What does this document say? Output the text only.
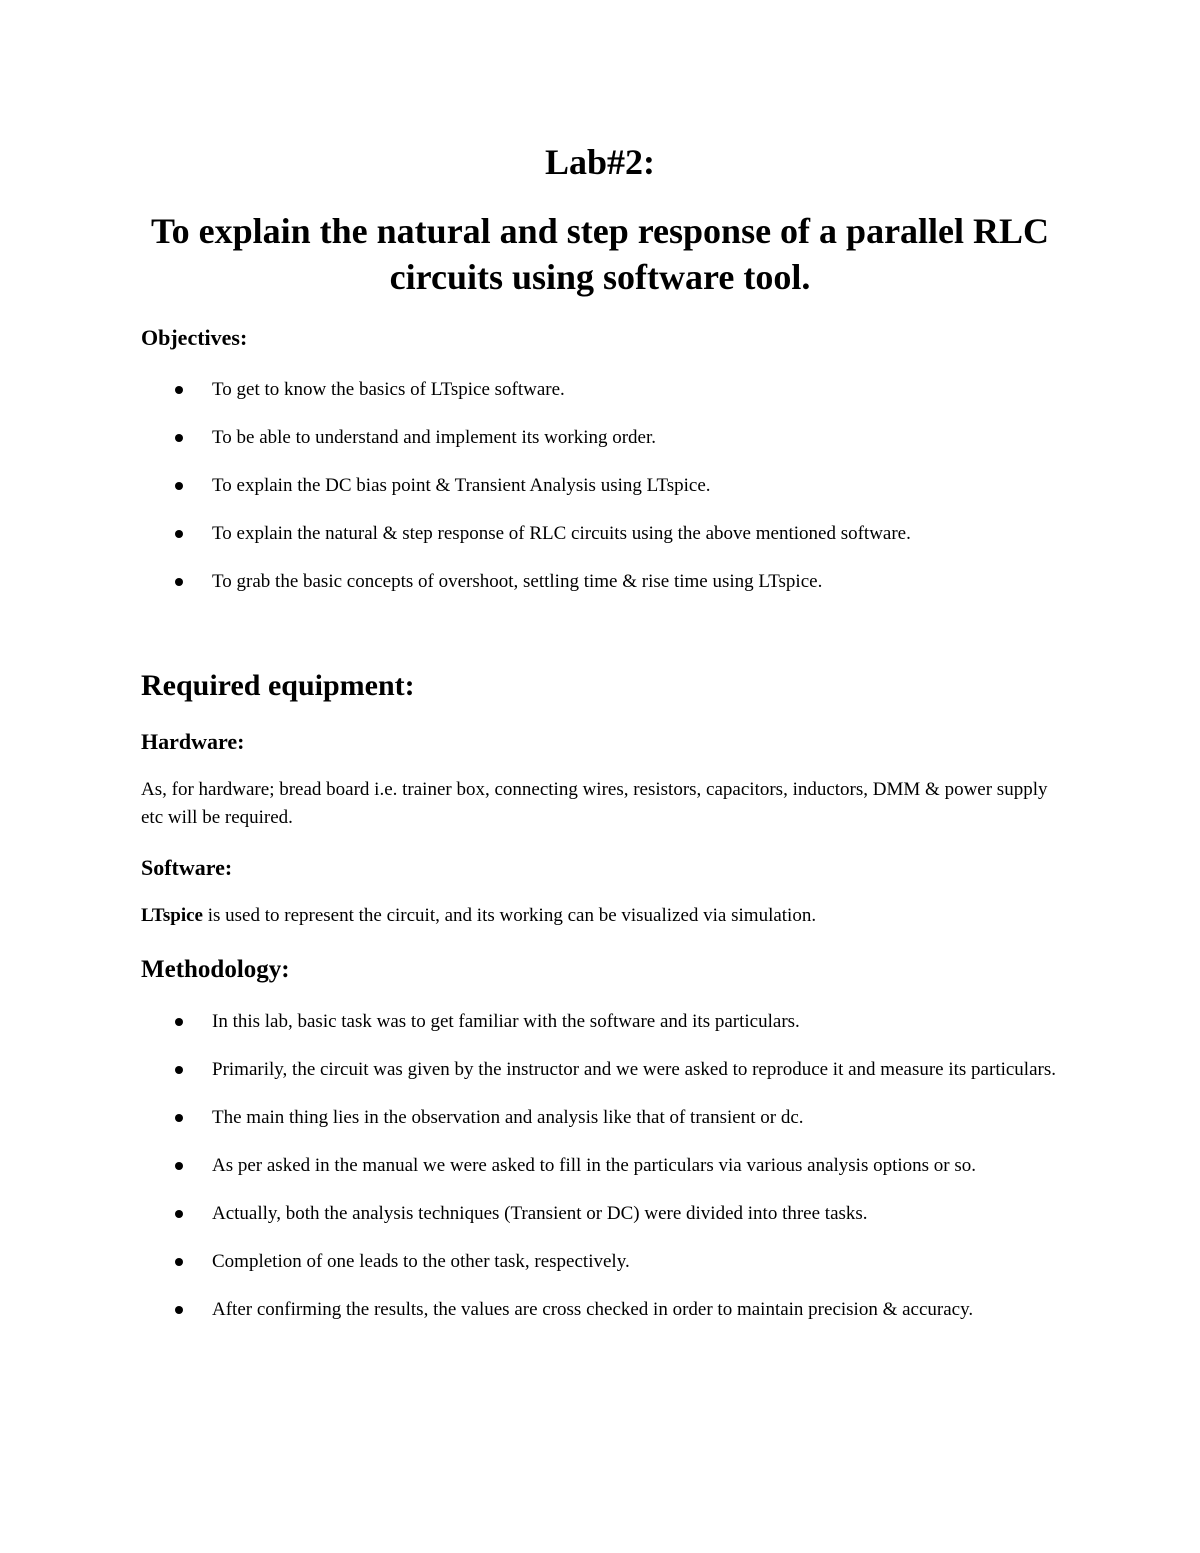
Lab#2:
To explain the natural and step response of a parallel RLC circuits using software tool.
Objectives:
To get to know the basics of LTspice software.
To be able to understand and implement its working order.
To explain the DC bias point & Transient Analysis using LTspice.
To explain the natural & step response of RLC circuits using the above mentioned software.
To grab the basic concepts of overshoot, settling time & rise time using LTspice.
Required equipment:
Hardware:

As, for hardware; bread board i.e. trainer box, connecting wires, resistors, capacitors, inductors, DMM & power supply etc will be required.

Software:

LTspice is used to represent the circuit, and its working can be visualized via simulation.

Methodology:
In this lab, basic task was to get familiar with the software and its particulars.
Primarily, the circuit was given by the instructor and we were asked to reproduce it and measure its particulars.
The main thing lies in the observation and analysis like that of transient or dc.
As per asked in the manual we were asked to fill in the particulars via various analysis options or so.
Actually, both the analysis techniques (Transient or DC) were divided into three tasks.
Completion of one leads to the other task, respectively.
After confirming the results, the values are cross checked in order to maintain precision & accuracy.
